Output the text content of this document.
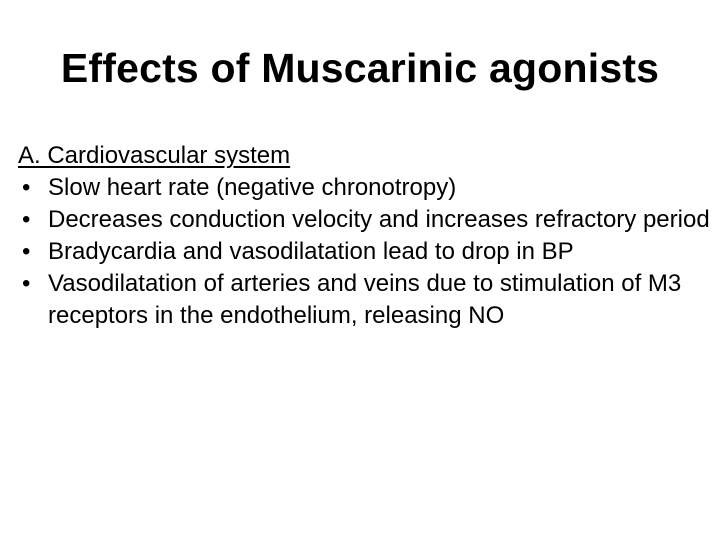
Effects of Muscarinic agonists
A. Cardiovascular system
• Slow heart rate (negative chronotropy)
• Decreases conduction velocity and increases refractory period
• Bradycardia and vasodilatation lead to drop in BP
• Vasodilatation of arteries and veins due to stimulation of M3 receptors in the endothelium, releasing NO
